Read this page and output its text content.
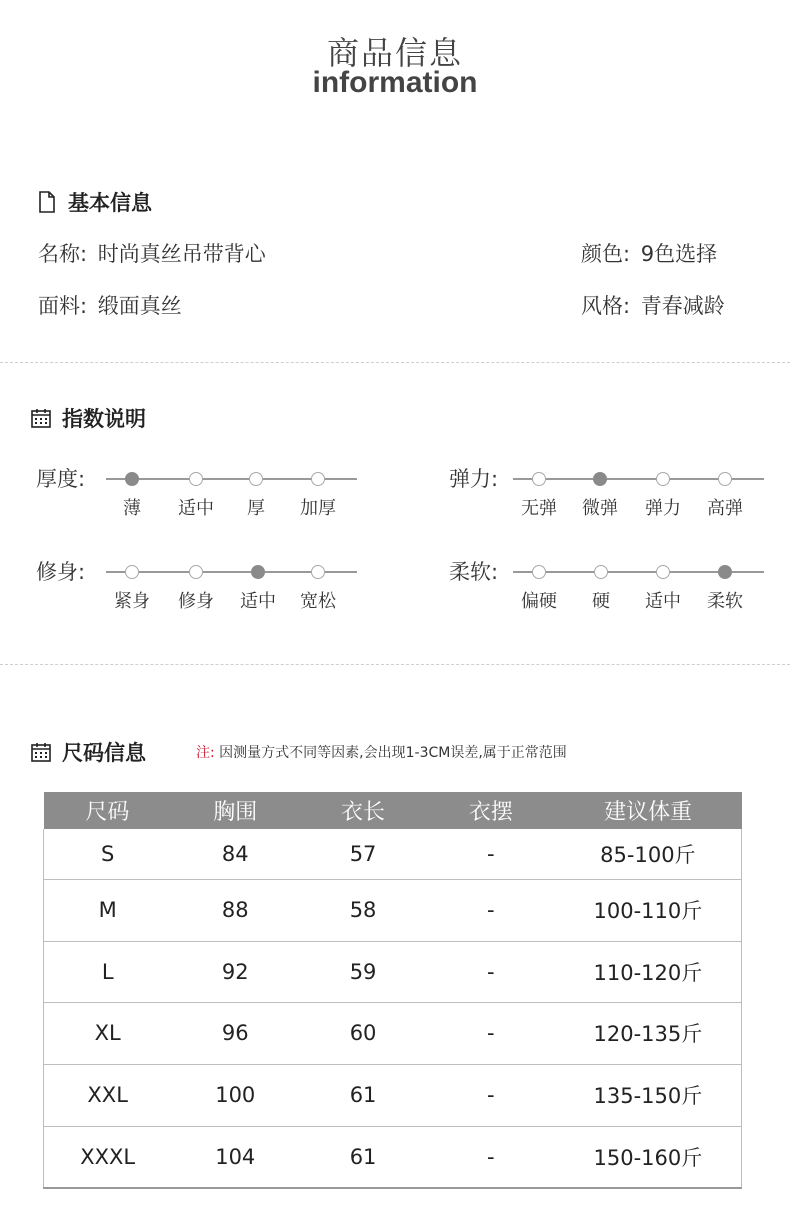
商品信息
information
基本信息
名称: 时尚真丝吊带背心	颜色: 9色选择
面料: 缎面真丝	风格: 青春减龄
指数说明
厚度:
薄	适中	厚	加厚
弹力:
无弹	微弹	弹力	高弹
修身:
紧身	修身	适中	宽松
柔软:
偏硬	硬	适中	柔软
尺码信息	注: 因测量方式不同等因素,会出现1-3CM误差,属于正常范围
尺码	胸围	衣长	衣摆	建议体重
S	84	57	-	85-100斤
M	88	58	-	100-110斤
L	92	59	-	110-120斤
XL	96	60	-	120-135斤
XXL	100	61	-	135-150斤
XXXL	104	61	-	150-160斤
